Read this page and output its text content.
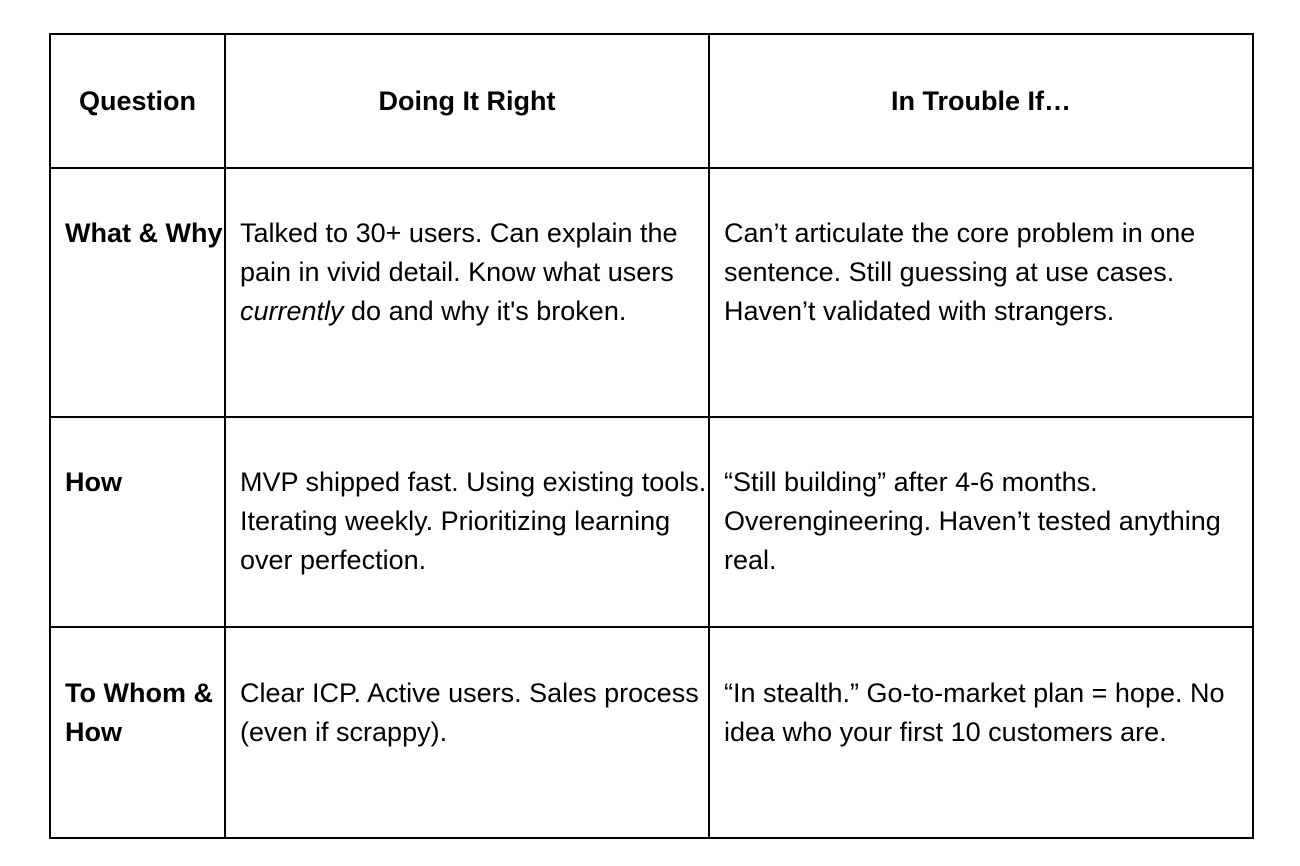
Question	Doing It Right	In Trouble If…
What & Why	Talked to 30+ users. Can explain the pain in vivid detail. Know what users currently do and why it's broken.	Can’t articulate the core problem in one sentence. Still guessing at use cases. Haven’t validated with strangers.
How	MVP shipped fast. Using existing tools. Iterating weekly. Prioritizing learning over perfection.	“Still building” after 4-6 months. Overengineering. Haven’t tested anything real.
To Whom & How	Clear ICP. Active users. Sales process (even if scrappy).	“In stealth.” Go-to-market plan = hope. No idea who your first 10 customers are.
